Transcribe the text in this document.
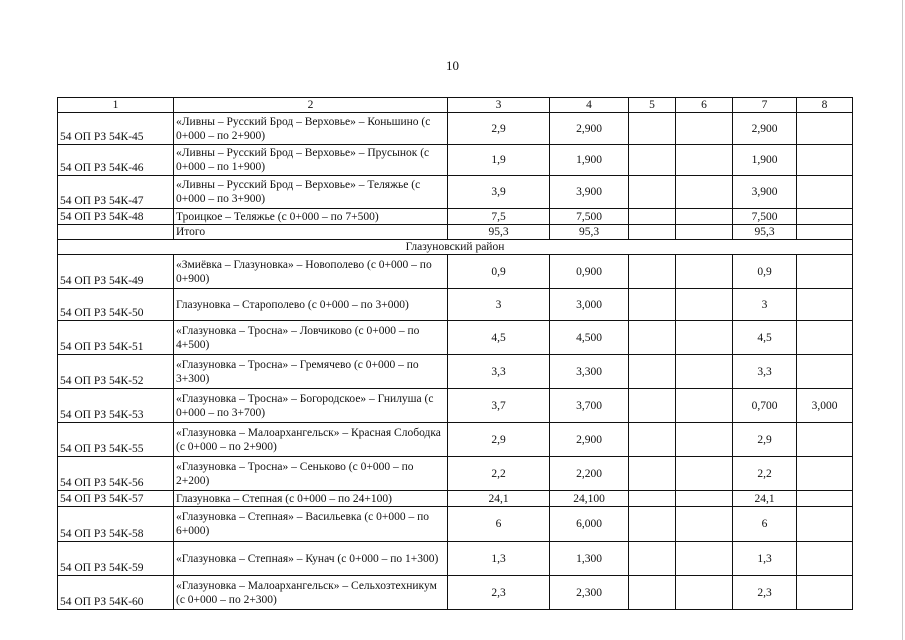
10
1	2	3	4	5	6	7	8
54 ОП РЗ 54К-45	«Ливны – Русский Брод – Верховье» – Коньшино (с 0+000 – по 2+900)	2,9	2,900			2,900	
54 ОП РЗ 54К-46	«Ливны – Русский Брод – Верховье» – Прусынок (с 0+000 – по 1+900)	1,9	1,900			1,900	
54 ОП РЗ 54К-47	«Ливны – Русский Брод – Верховье» – Теляжье (с 0+000 – по 3+900)	3,9	3,900			3,900	
54 ОП РЗ 54К-48	Троицкое – Теляжье (с 0+000 – по 7+500)	7,5	7,500			7,500	
	Итого	95,3	95,3			95,3	
Глазуновский район							
54 ОП РЗ 54К-49	«Змиёвка – Глазуновка» – Новополево (с 0+000 – по 0+900)	0,9	0,900			0,9	
54 ОП РЗ 54К-50	Глазуновка – Старополево (с 0+000 – по 3+000)	3	3,000			3	
54 ОП РЗ 54К-51	«Глазуновка – Тросна» – Ловчиково (с 0+000 – по 4+500)	4,5	4,500			4,5	
54 ОП РЗ 54К-52	«Глазуновка – Тросна» – Гремячево (с 0+000 – по 3+300)	3,3	3,300			3,3	
54 ОП РЗ 54К-53	«Глазуновка – Тросна» – Богородское» – Гнилуша (с 0+000 – по 3+700)	3,7	3,700			0,700	3,000
54 ОП РЗ 54К-55	«Глазуновка – Малоархангельск» – Красная Слободка (с 0+000 – по 2+900)	2,9	2,900			2,9	
54 ОП РЗ 54К-56	«Глазуновка – Тросна» – Сеньково (с 0+000 – по 2+200)	2,2	2,200			2,2	
54 ОП РЗ 54К-57	Глазуновка – Степная (с 0+000 – по 24+100)	24,1	24,100			24,1	
54 ОП РЗ 54К-58	«Глазуновка – Степная» – Васильевка (с 0+000 – по 6+000)	6	6,000			6	
54 ОП РЗ 54К-59	«Глазуновка – Степная» – Кунач (с 0+000 – по 1+300)	1,3	1,300			1,3	
54 ОП РЗ 54К-60	«Глазуновка – Малоархангельск» – Сельхозтехникум (с 0+000 – по 2+300)	2,3	2,300			2,3	
